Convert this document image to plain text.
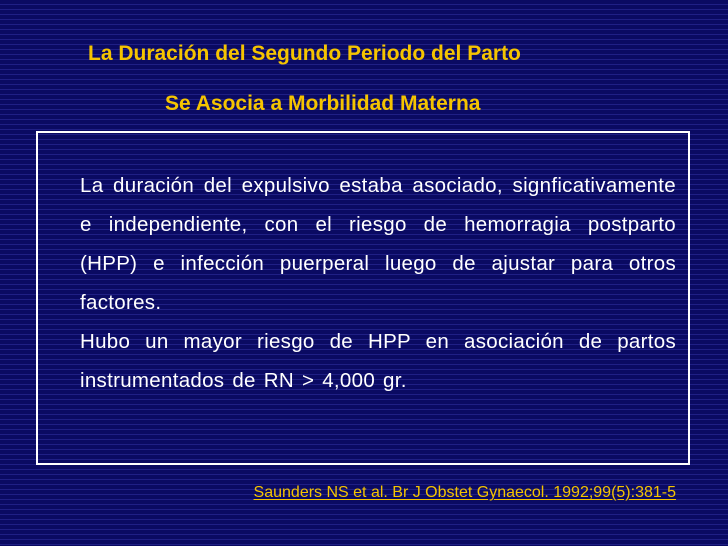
La Duración del Segundo Periodo del Parto
Se Asocia a Morbilidad Materna

La duración del expulsivo estaba asociado, signficativamente e independiente, con el riesgo de hemorragia postparto (HPP) e infección puerperal luego de ajustar para otros factores.

Hubo un mayor riesgo de HPP en asociación de partos instrumentados de RN > 4,000 gr.

Saunders NS et al. Br J Obstet Gynaecol. 1992;99(5):381-5
